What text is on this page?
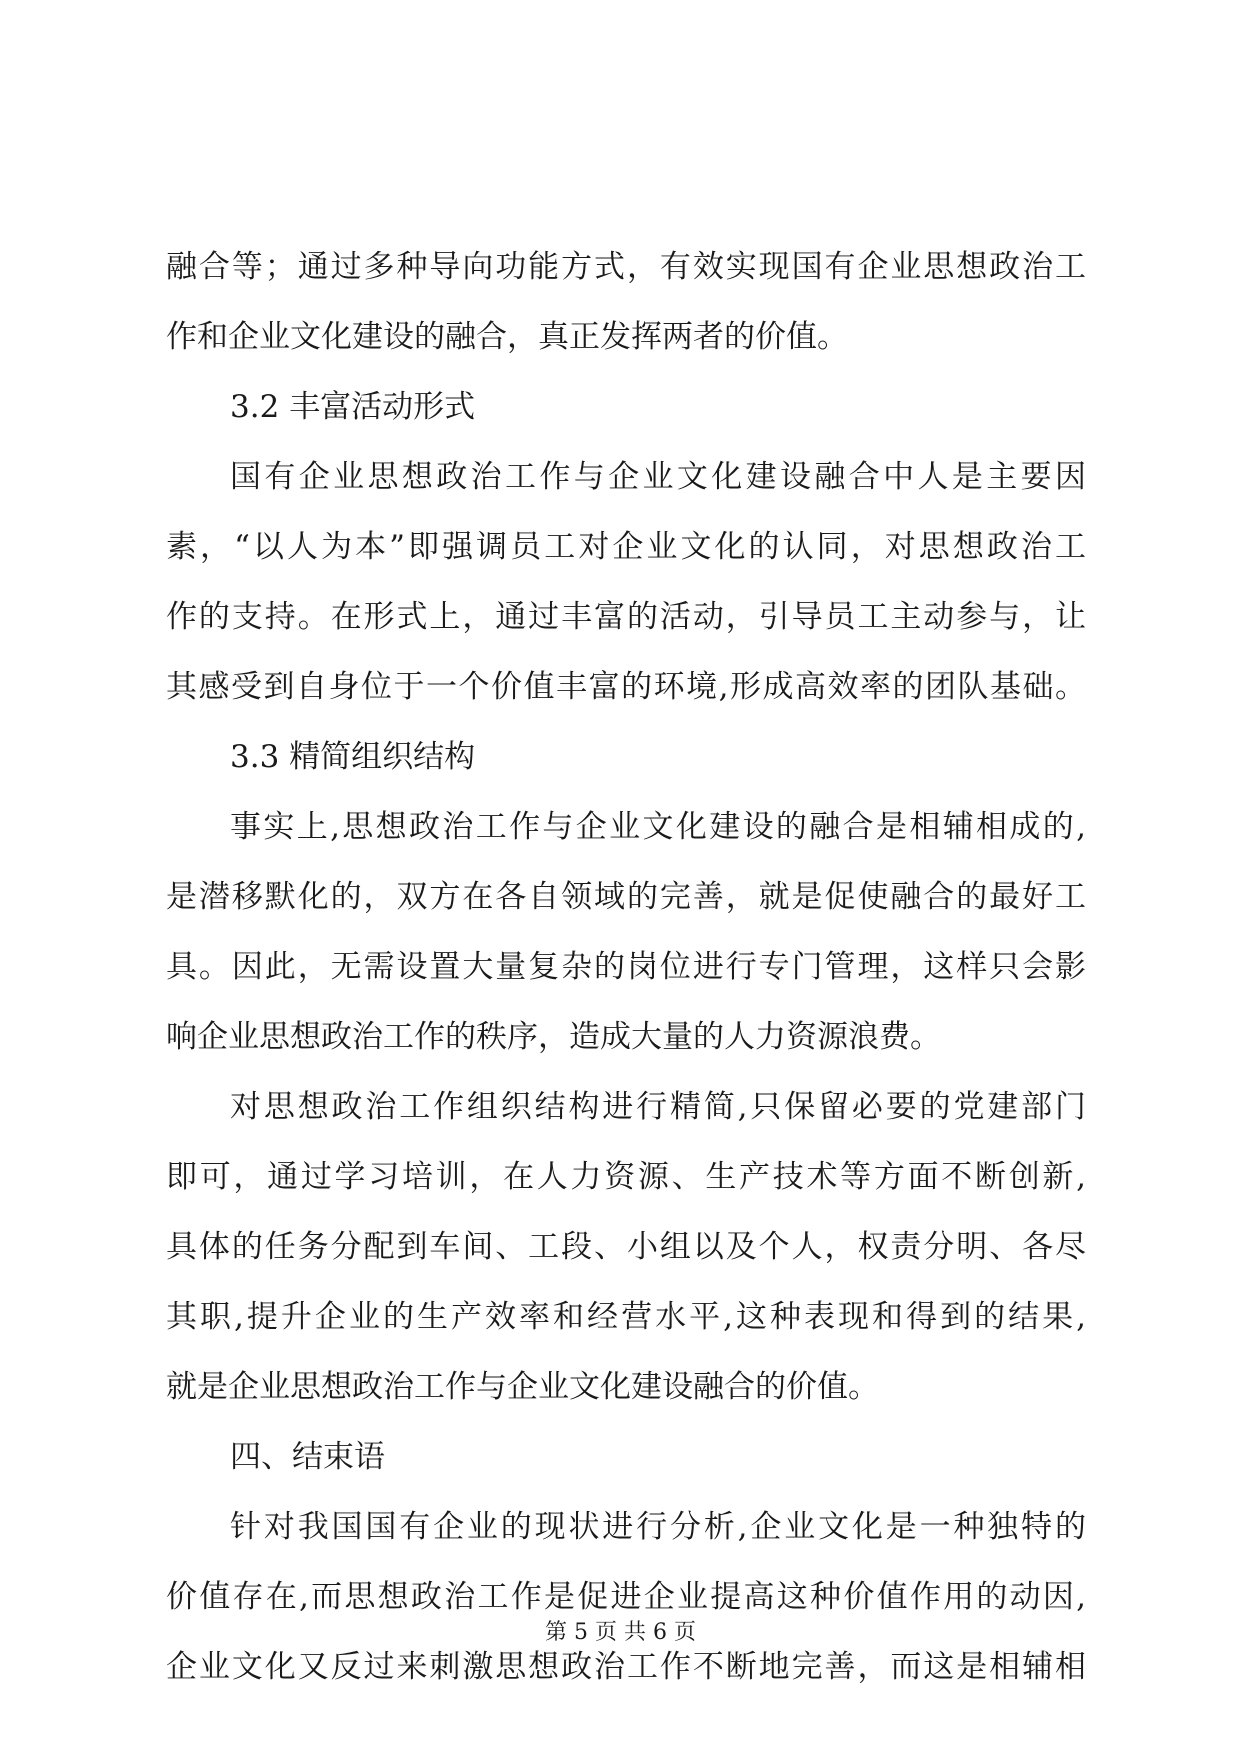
融合等；通过多种导向功能方式，有效实现国有企业思想政治工
作和企业文化建设的融合，真正发挥两者的价值。
3.2 丰富活动形式
国有企业思想政治工作与企业文化建设融合中人是主要因
素，“以人为本”即强调员工对企业文化的认同，对思想政治工
作的支持。在形式上，通过丰富的活动，引导员工主动参与，让
其感受到自身位于一个价值丰富的环境,形成高效率的团队基础。
3.3 精简组织结构
事实上,思想政治工作与企业文化建设的融合是相辅相成的,
是潜移默化的，双方在各自领域的完善，就是促使融合的最好工
具。因此，无需设置大量复杂的岗位进行专门管理，这样只会影
响企业思想政治工作的秩序，造成大量的人力资源浪费。
对思想政治工作组织结构进行精简,只保留必要的党建部门
即可，通过学习培训，在人力资源、生产技术等方面不断创新,
具体的任务分配到车间、工段、小组以及个人，权责分明、各尽
其职,提升企业的生产效率和经营水平,这种表现和得到的结果,
就是企业思想政治工作与企业文化建设融合的价值。
四、结束语
针对我国国有企业的现状进行分析,企业文化是一种独特的
价值存在,而思想政治工作是促进企业提高这种价值作用的动因,
企业文化又反过来刺激思想政治工作不断地完善，而这是相辅相
第 5 页 共 6 页
